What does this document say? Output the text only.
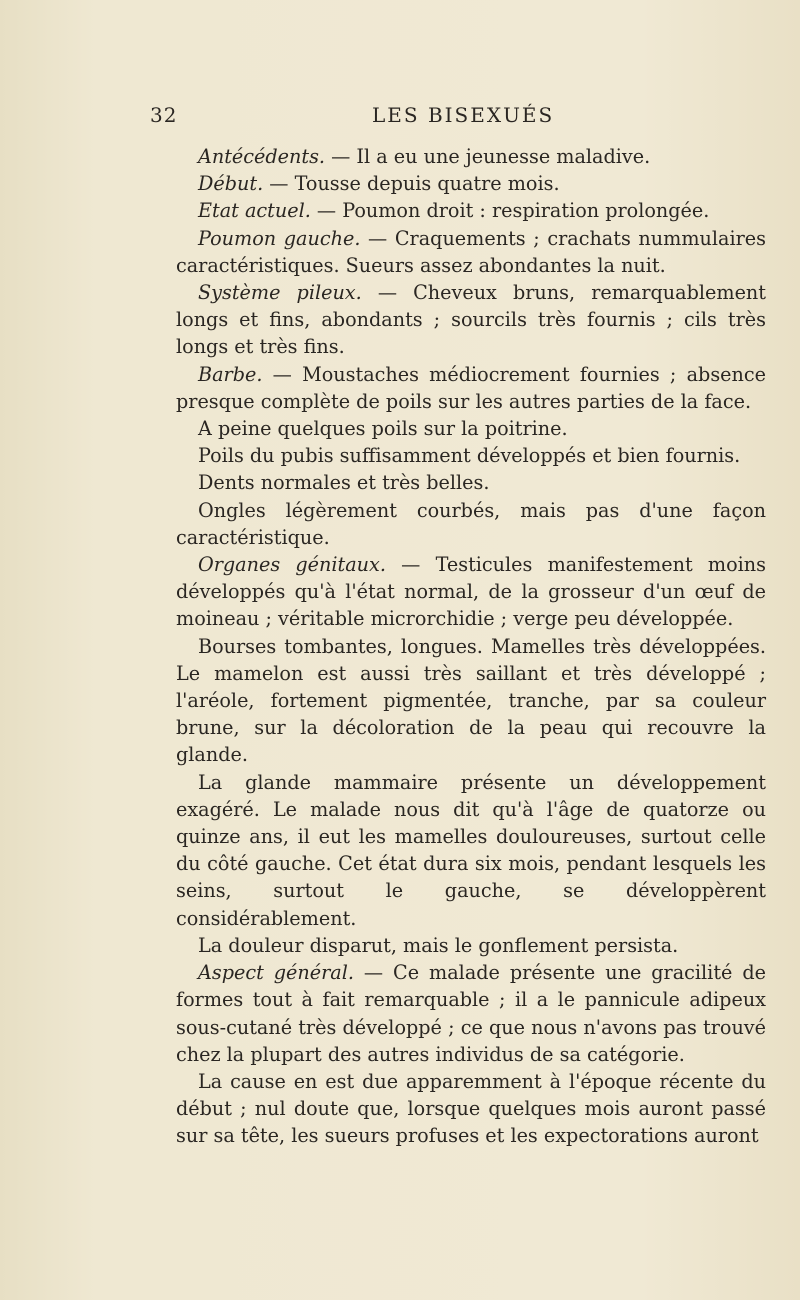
32	LES BISEXUÉS

Antécédents. — Il a eu une jeunesse maladive.

Début. — Tousse depuis quatre mois.

Etat actuel. — Poumon droit : respiration prolongée.

Poumon gauche. — Craquements ; crachats nummulaires caractéristiques. Sueurs assez abondantes la nuit.

Système pileux. — Cheveux bruns, remarquablement longs et fins, abondants ; sourcils très fournis ; cils très longs et très fins.

Barbe. — Moustaches médiocrement fournies ; absence presque complète de poils sur les autres parties de la face.

A peine quelques poils sur la poitrine.

Poils du pubis suffisamment développés et bien fournis.

Dents normales et très belles.

Ongles légèrement courbés, mais pas d'une façon caractéristique.

Organes génitaux. — Testicules manifestement moins développés qu'à l'état normal, de la grosseur d'un œuf de moineau ; véritable microrchidie ; verge peu développée.

Bourses tombantes, longues. Mamelles très développées. Le mamelon est aussi très saillant et très développé ; l'aréole, fortement pigmentée, tranche, par sa couleur brune, sur la décoloration de la peau qui recouvre la glande.

La glande mammaire présente un développement exagéré. Le malade nous dit qu'à l'âge de quatorze ou quinze ans, il eut les mamelles douloureuses, surtout celle du côté gauche. Cet état dura six mois, pendant lesquels les seins, surtout le gauche, se développèrent considérablement.

La douleur disparut, mais le gonflement persista.

Aspect général. — Ce malade présente une gracilité de formes tout à fait remarquable ; il a le pannicule adipeux sous-cutané très développé ; ce que nous n'avons pas trouvé chez la plupart des autres individus de sa catégorie.

La cause en est due apparemment à l'époque récente du début ; nul doute que, lorsque quelques mois auront passé sur sa tête, les sueurs profuses et les expectorations auront
